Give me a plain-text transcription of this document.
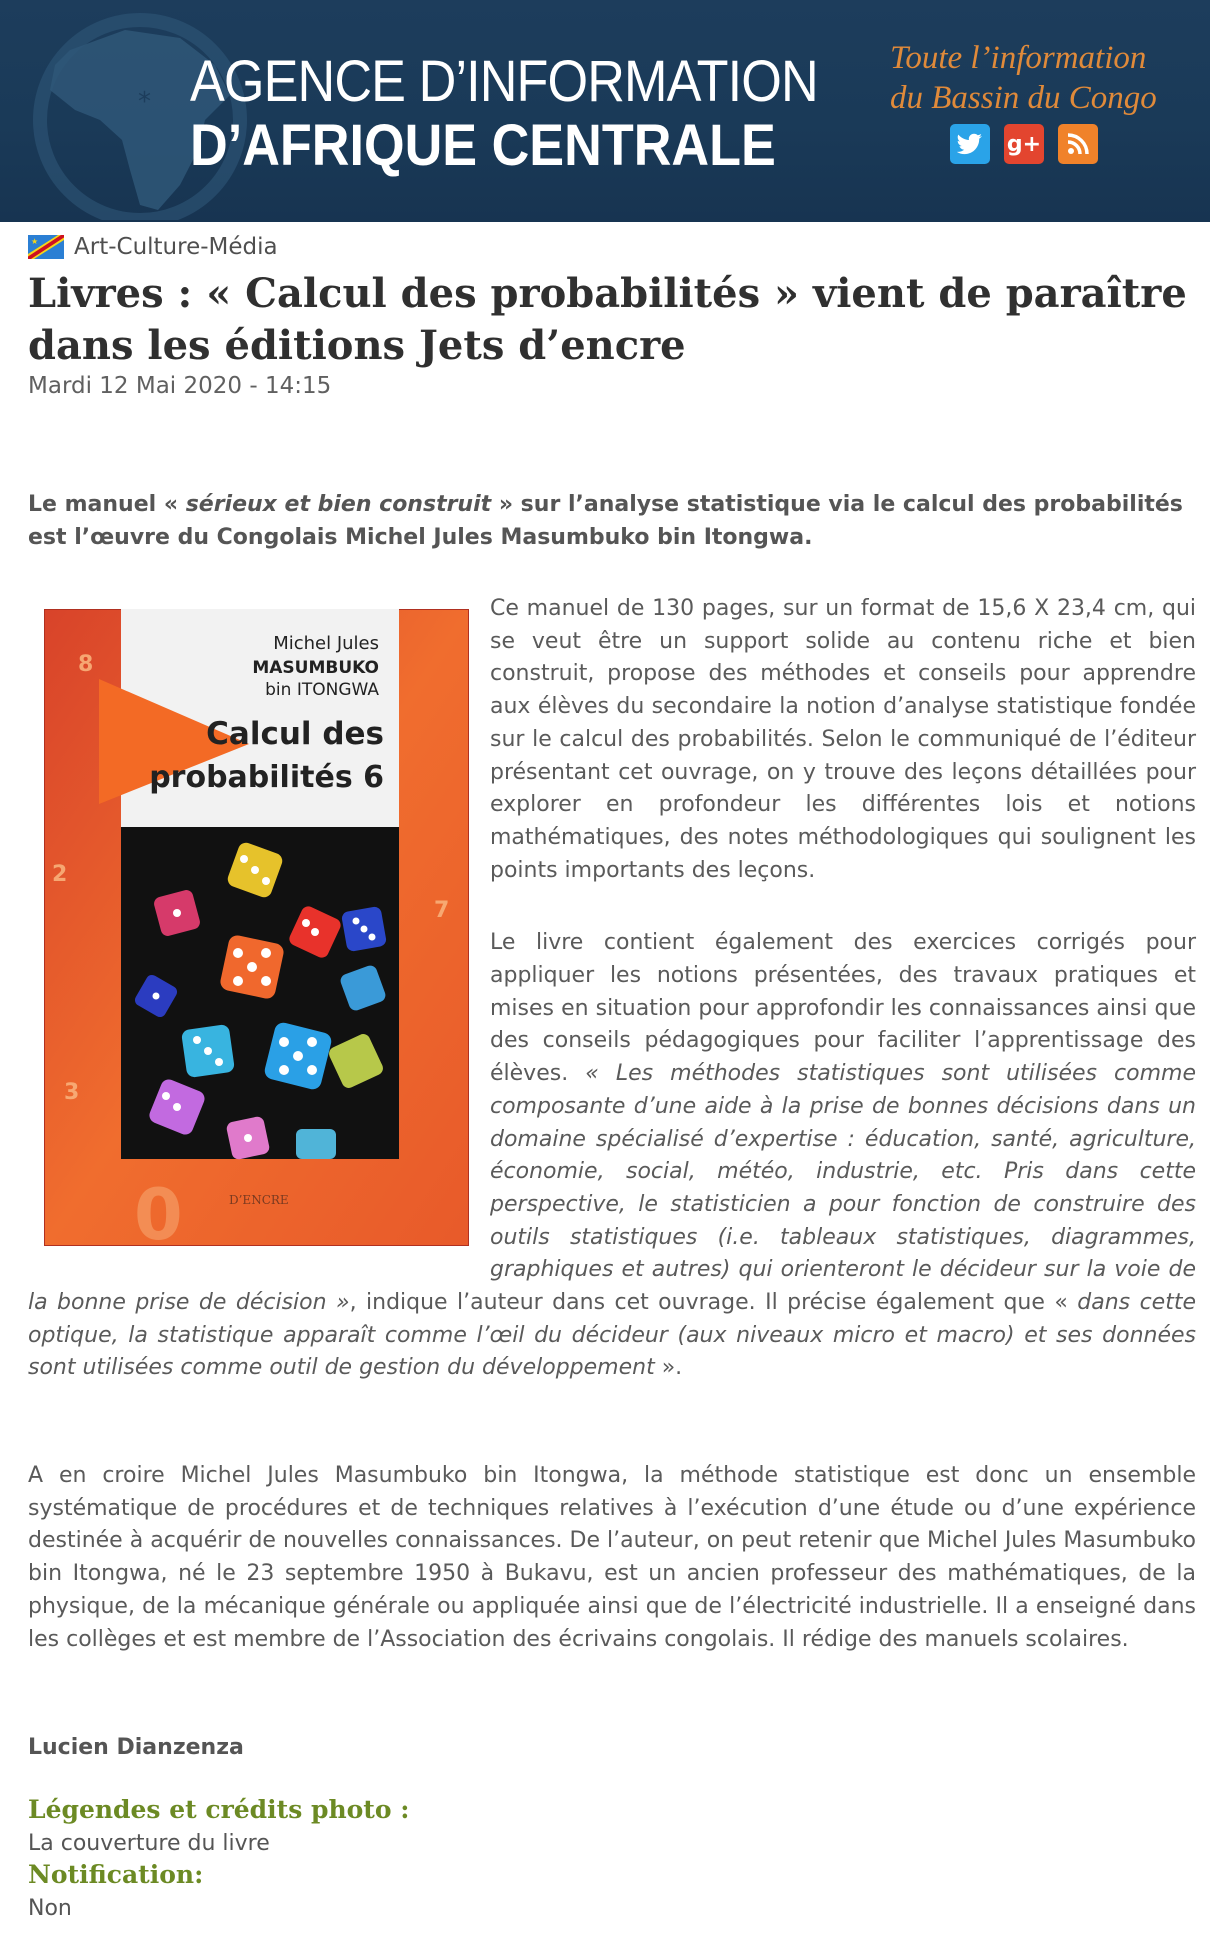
* AGENCE D’INFORMATION
D’AFRIQUE CENTRALE
Toute l’information
du Bassin du Congo
g+
★ Art-Culture-Média
Livres : « Calcul des probabilités » vient de paraître dans les éditions Jets d’encre
Mardi 12 Mai 2020 - 14:15

Le manuel « sérieux et bien construit » sur l’analyse statistique via le calcul des probabilités est l’œuvre du Congolais Michel Jules Masumbuko bin Itongwa.

Ce manuel de 130 pages, sur un format de 15,6 X 23,4 cm, qui se veut être un support solide au contenu riche et bien construit, propose des méthodes et conseils pour apprendre aux élèves du secondaire la notion d’analyse statistique fondée sur le calcul des probabilités. Selon le communiqué de l’éditeur présentant cet ouvrage, on y trouve des leçons détaillées pour explorer en profondeur les différentes lois et notions mathématiques, des notes méthodologiques qui soulignent les points importants des leçons.

Le livre contient également des exercices corrigés pour appliquer les notions présentées, des travaux pratiques et mises en situation pour approfondir les connaissances ainsi que des conseils pédagogiques pour faciliter l’apprentissage des élèves. « Les méthodes statistiques sont utilisées comme composante d’une aide à la prise de bonnes décisions dans un domaine spécialisé d’expertise : éducation, santé, agriculture, économie, social, météo, industrie, etc. Pris dans cette perspective, le statisticien a pour fonction de construire des outils statistiques (i.e. tableaux statistiques, diagrammes, graphiques et autres) qui orienteront le décideur sur la voie de la bonne prise de décision », indique l’auteur dans cet ouvrage. Il précise également que « dans cette optique, la statistique apparaît comme l’œil du décideur (aux niveaux micro et macro) et ses données sont utilisées comme outil de gestion du développement ».

8
2
7
3
Michel Jules
MASUMBUKO
bin ITONGWA
Calcul des
probabilités 6
D’ENCRE
0

A en croire Michel Jules Masumbuko bin Itongwa, la méthode statistique est donc un ensemble systématique de procédures et de techniques relatives à l’exécution d’une étude ou d’une expérience destinée à acquérir de nouvelles connaissances. De l’auteur, on peut retenir que Michel Jules Masumbuko bin Itongwa, né le 23 septembre 1950 à Bukavu, est un ancien professeur des mathématiques, de la physique, de la mécanique générale ou appliquée ainsi que de l’électricité industrielle. Il a enseigné dans les collèges et est membre de l’Association des écrivains congolais. Il rédige des manuels scolaires.

Lucien Dianzenza
Légendes et crédits photo :
La couverture du livre
Notification:
Non
